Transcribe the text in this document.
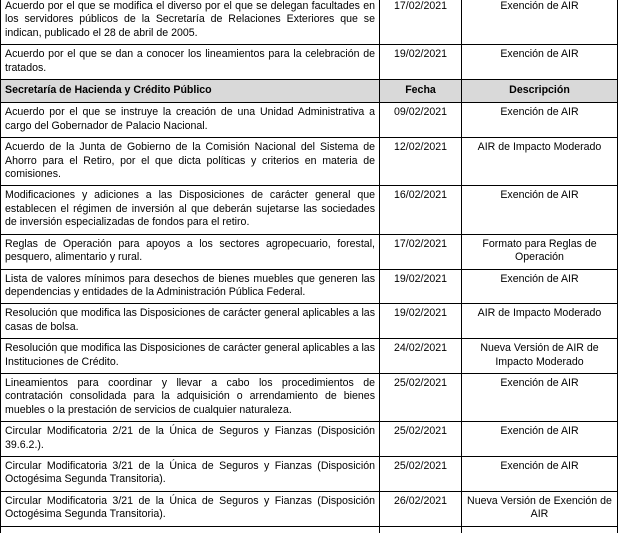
Acuerdo por el que se modifica el diverso por el que se delegan facultades en los servidores públicos de la Secretaría de Relaciones Exteriores que se indican, publicado el 28 de abril de 2005.	17/02/2021	Exención de AIR
Acuerdo por el que se dan a conocer los lineamientos para la celebración de tratados.	19/02/2021	Exención de AIR
Secretaría de Hacienda y Crédito Público	Fecha	Descripción
Acuerdo por el que se instruye la creación de una Unidad Administrativa a cargo del Gobernador de Palacio Nacional.	09/02/2021	Exención de AIR
Acuerdo de la Junta de Gobierno de la Comisión Nacional del Sistema de Ahorro para el Retiro, por el que dicta políticas y criterios en materia de comisiones.	12/02/2021	AIR de Impacto Moderado
Modificaciones y adiciones a las Disposiciones de carácter general que establecen el régimen de inversión al que deberán sujetarse las sociedades de inversión especializadas de fondos para el retiro.	16/02/2021	Exención de AIR
Reglas de Operación para apoyos a los sectores agropecuario, forestal, pesquero, alimentario y rural.	17/02/2021	Formato para Reglas de Operación
Lista de valores mínimos para desechos de bienes muebles que generen las dependencias y entidades de la Administración Pública Federal.	19/02/2021	Exención de AIR
Resolución que modifica las Disposiciones de carácter general aplicables a las casas de bolsa.	19/02/2021	AIR de Impacto Moderado
Resolución que modifica las Disposiciones de carácter general aplicables a las Instituciones de Crédito.	24/02/2021	Nueva Versión de AIR de Impacto Moderado
Lineamientos para coordinar y llevar a cabo los procedimientos de contratación consolidada para la adquisición o arrendamiento de bienes muebles o la prestación de servicios de cualquier naturaleza.	25/02/2021	Exención de AIR
Circular Modificatoria 2/21 de la Única de Seguros y Fianzas (Disposición 39.6.2.).	25/02/2021	Exención de AIR
Circular Modificatoria 3/21 de la Única de Seguros y Fianzas (Disposición Octogésima Segunda Transitoria).	25/02/2021	Exención de AIR
Circular Modificatoria 3/21 de la Única de Seguros y Fianzas (Disposición Octogésima Segunda Transitoria).	26/02/2021	Nueva Versión de Exención de AIR
